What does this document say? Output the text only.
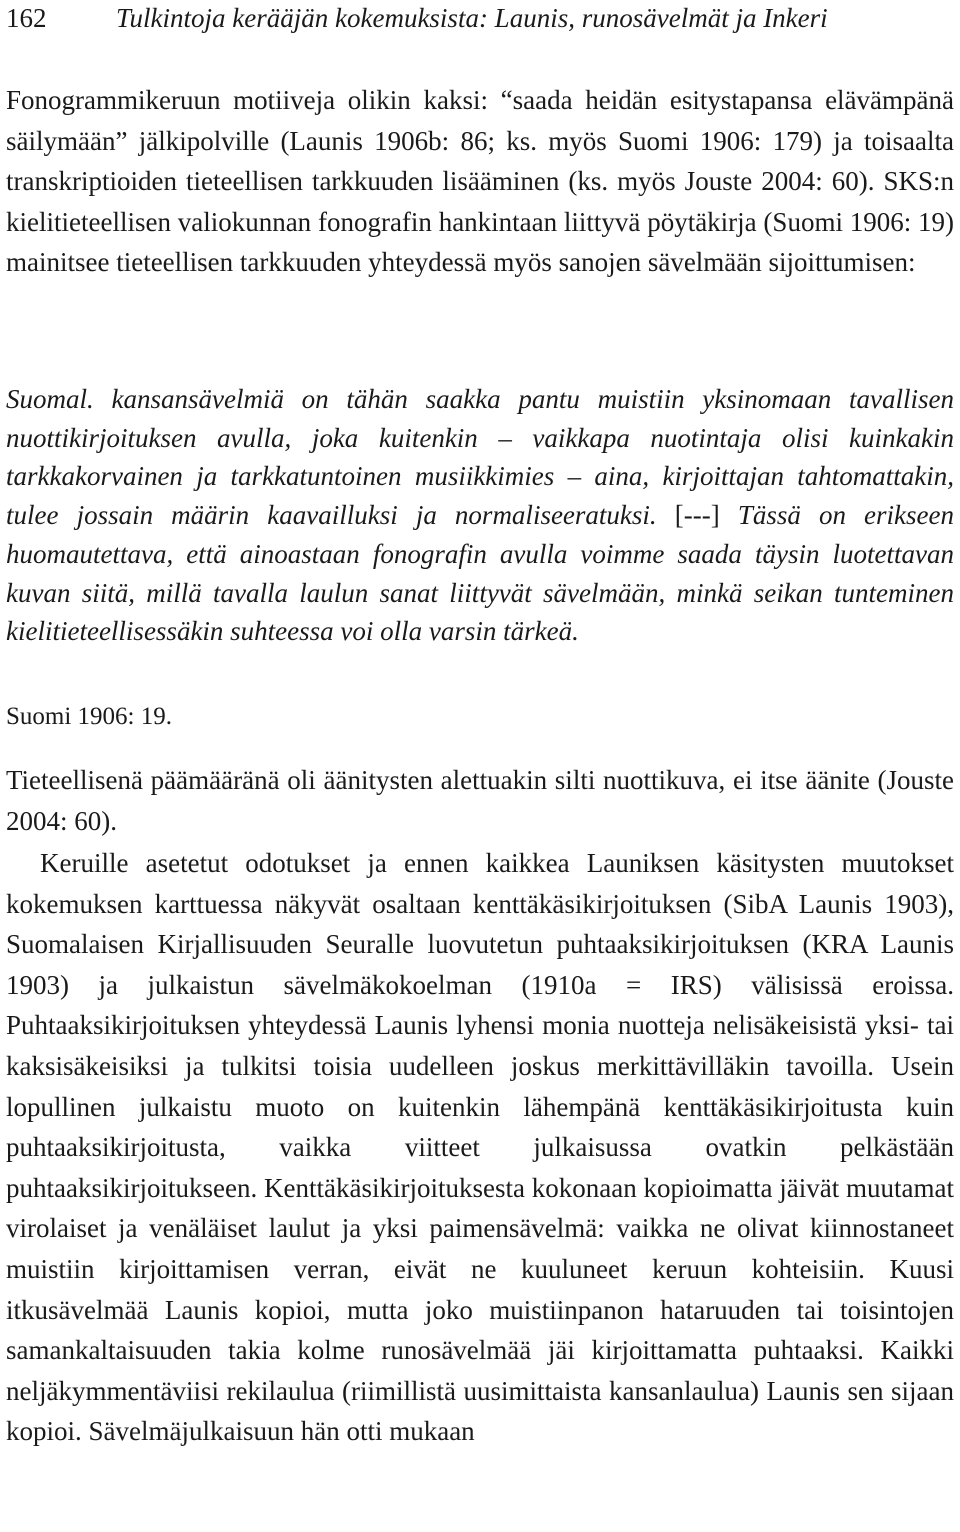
162	Tulkintoja kerääjän kokemuksista: Launis, runosävelmät ja Inkeri

Fonogrammikeruun motiiveja olikin kaksi: “saada heidän esitystapansa elävämpänä säilymään” jälkipolville (Launis 1906b: 86; ks. myös Suomi 1906: 179) ja toisaalta transkriptioiden tieteellisen tarkkuuden lisääminen (ks. myös Jouste 2004: 60). SKS:n kielitieteellisen valiokunnan fonografin hankintaan liittyvä pöytäkirja (Suomi 1906: 19) mainitsee tieteellisen tarkkuuden yhteydessä myös sanojen sävelmään sijoittumisen:

Suomal. kansansävelmiä on tähän saakka pantu muistiin yksinomaan tavallisen nuottikirjoituksen avulla, joka kuitenkin – vaikkapa nuotintaja olisi kuinkakin tarkkakorvainen ja tarkkatuntoinen musiikkimies – aina, kirjoittajan tahtomattakin, tulee jossain määrin kaavailluksi ja normaliseeratuksi. [---] Tässä on erikseen huomautettava, että ainoastaan fonografin avulla voimme saada täysin luotettavan kuvan siitä, millä tavalla laulun sanat liittyvät sävelmään, minkä seikan tunteminen kielitieteellisessäkin suhteessa voi olla varsin tärkeä.

Suomi 1906: 19.

Tieteellisenä päämääränä oli äänitysten alettuakin silti nuottikuva, ei itse äänite (Jouste 2004: 60).

Keruille asetetut odotukset ja ennen kaikkea Launiksen käsitysten muutokset kokemuksen karttuessa näkyvät osaltaan kenttäkäsikirjoituksen (SibA Launis 1903), Suomalaisen Kirjallisuuden Seuralle luovutetun puhtaaksikirjoituksen (KRA Launis 1903) ja julkaistun sävelmäkokoelman (1910a = IRS) välisissä eroissa. Puhtaaksikirjoituksen yhteydessä Launis lyhensi monia nuotteja nelisäkeisistä yksi- tai kaksisäkeisiksi ja tulkitsi toisia uudelleen joskus merkittävilläkin tavoilla. Usein lopullinen julkaistu muoto on kuitenkin lähempänä kenttäkäsikirjoitusta kuin puhtaaksikirjoitusta, vaikka viitteet julkaisussa ovatkin pelkästään puhtaaksikirjoitukseen. Kenttäkäsikirjoituksesta kokonaan kopioimatta jäivät muutamat virolaiset ja venäläiset laulut ja yksi paimensävelmä: vaikka ne olivat kiinnostaneet muistiin kirjoittamisen verran, eivät ne kuuluneet keruun kohteisiin. Kuusi itkusävelmää Launis kopioi, mutta joko muistiinpanon hataruuden tai toisintojen samankaltaisuuden takia kolme runosävelmää jäi kirjoittamatta puhtaaksi. Kaikki neljäkymmentäviisi rekilaulua (riimillistä uusimittaista kansanlaulua) Launis sen sijaan kopioi. Sävelmäjulkaisuun hän otti mukaan
